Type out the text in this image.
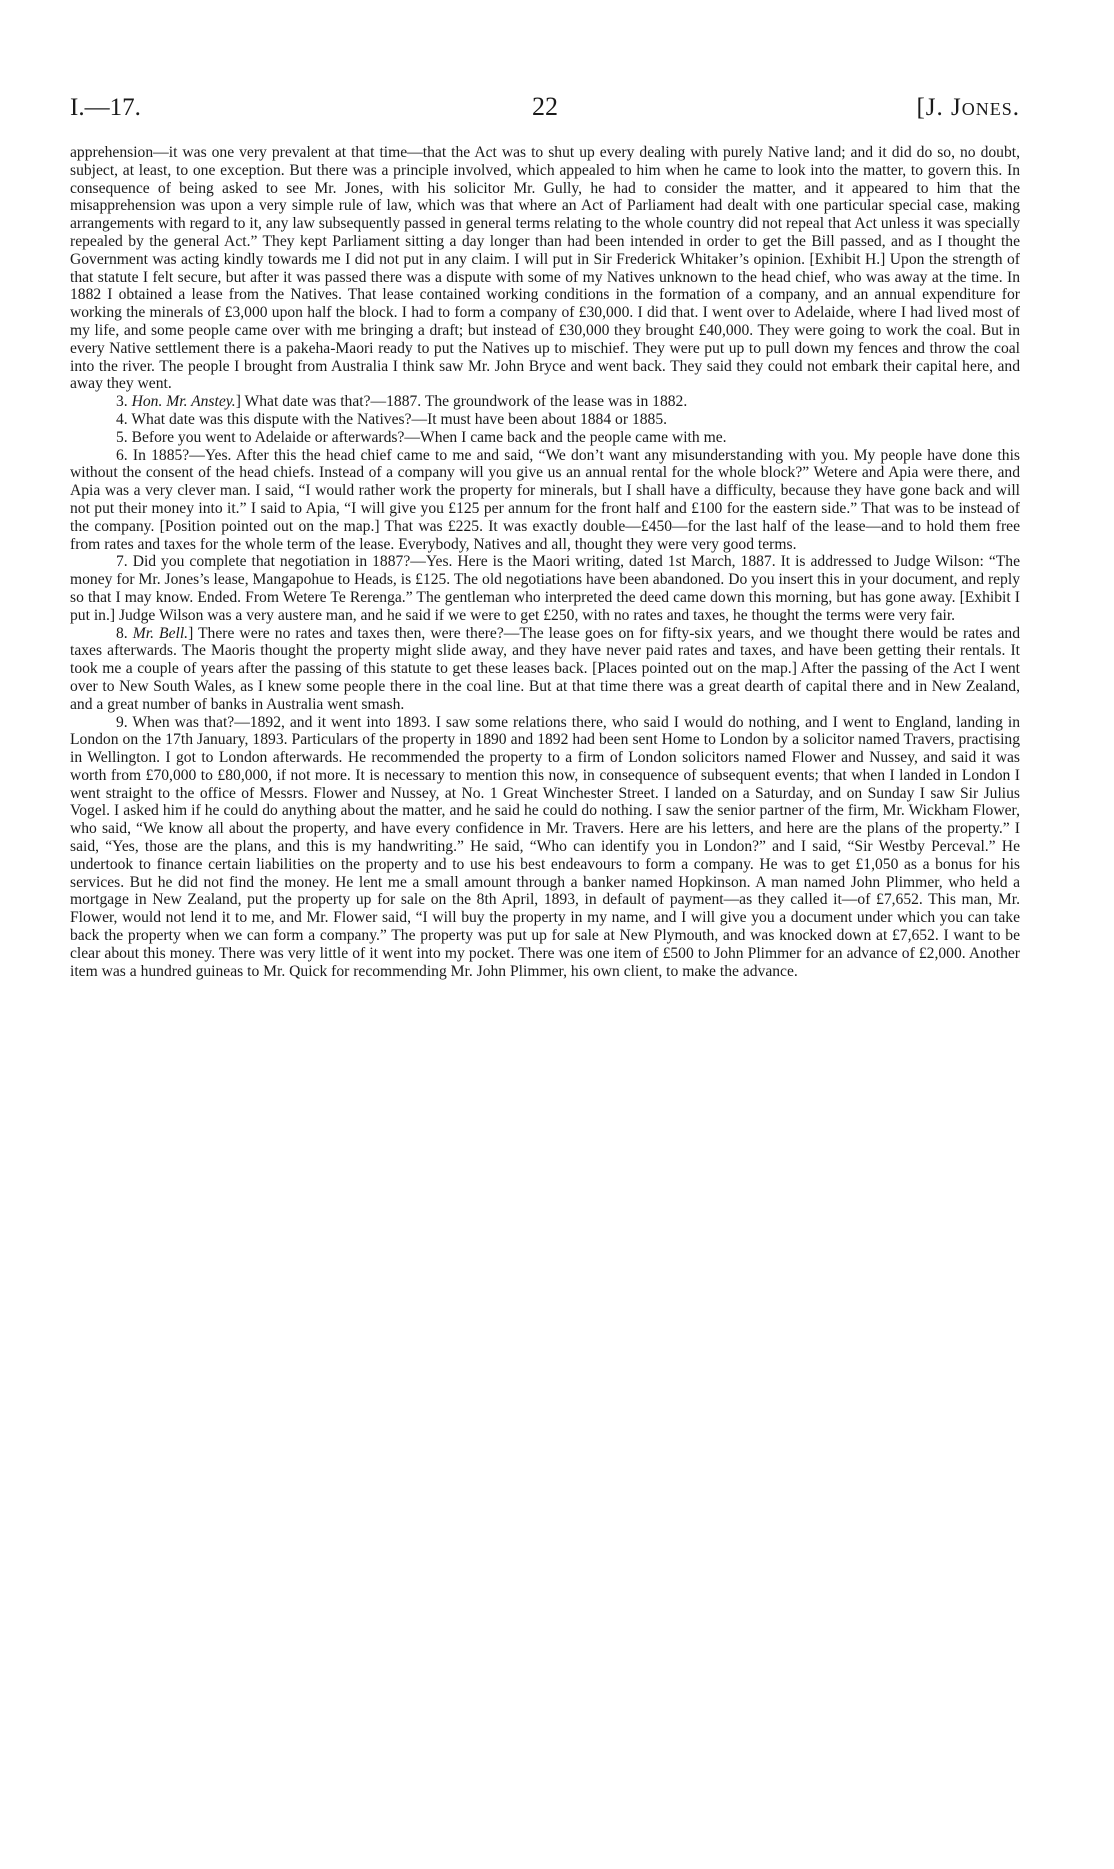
I.—17.	22	[J. Jones.

apprehension—it was one very prevalent at that time—that the Act was to shut up every dealing with purely Native land; and it did do so, no doubt, subject, at least, to one exception. But there was a principle involved, which appealed to him when he came to look into the matter, to govern this. In consequence of being asked to see Mr. Jones, with his solicitor Mr. Gully, he had to consider the matter, and it appeared to him that the misapprehension was upon a very simple rule of law, which was that where an Act of Parliament had dealt with one particular special case, making arrangements with regard to it, any law subsequently passed in general terms relating to the whole country did not repeal that Act unless it was specially repealed by the general Act.” They kept Parliament sitting a day longer than had been intended in order to get the Bill passed, and as I thought the Government was acting kindly towards me I did not put in any claim. I will put in Sir Frederick Whitaker’s opinion. [Exhibit H.] Upon the strength of that statute I felt secure, but after it was passed there was a dispute with some of my Natives unknown to the head chief, who was away at the time. In 1882 I obtained a lease from the Natives. That lease contained working conditions in the formation of a company, and an annual expenditure for working the minerals of £3,000 upon half the block. I had to form a company of £30,000. I did that. I went over to Adelaide, where I had lived most of my life, and some people came over with me bringing a draft; but instead of £30,000 they brought £40,000. They were going to work the coal. But in every Native settlement there is a pakeha-Maori ready to put the Natives up to mischief. They were put up to pull down my fences and throw the coal into the river. The people I brought from Australia I think saw Mr. John Bryce and went back. They said they could not embark their capital here, and away they went.

3. Hon. Mr. Anstey.] What date was that?—1887. The groundwork of the lease was in 1882.

4. What date was this dispute with the Natives?—It must have been about 1884 or 1885.

5. Before you went to Adelaide or afterwards?—When I came back and the people came with me.

6. In 1885?—Yes. After this the head chief came to me and said, “We don’t want any misunderstanding with you. My people have done this without the consent of the head chiefs. Instead of a company will you give us an annual rental for the whole block?” Wetere and Apia were there, and Apia was a very clever man. I said, “I would rather work the property for minerals, but I shall have a difficulty, because they have gone back and will not put their money into it.” I said to Apia, “I will give you £125 per annum for the front half and £100 for the eastern side.” That was to be instead of the company. [Position pointed out on the map.] That was £225. It was exactly double—£450—for the last half of the lease—and to hold them free from rates and taxes for the whole term of the lease. Everybody, Natives and all, thought they were very good terms.

7. Did you complete that negotiation in 1887?—Yes. Here is the Maori writing, dated 1st March, 1887. It is addressed to Judge Wilson: “The money for Mr. Jones’s lease, Mangapohue to Heads, is £125. The old negotiations have been abandoned. Do you insert this in your document, and reply so that I may know. Ended. From Wetere Te Rerenga.” The gentleman who interpreted the deed came down this morning, but has gone away. [Exhibit I put in.] Judge Wilson was a very austere man, and he said if we were to get £250, with no rates and taxes, he thought the terms were very fair.

8. Mr. Bell.] There were no rates and taxes then, were there?—The lease goes on for fifty-six years, and we thought there would be rates and taxes afterwards. The Maoris thought the property might slide away, and they have never paid rates and taxes, and have been getting their rentals. It took me a couple of years after the passing of this statute to get these leases back. [Places pointed out on the map.] After the passing of the Act I went over to New South Wales, as I knew some people there in the coal line. But at that time there was a great dearth of capital there and in New Zealand, and a great number of banks in Australia went smash.

9. When was that?—1892, and it went into 1893. I saw some relations there, who said I would do nothing, and I went to England, landing in London on the 17th January, 1893. Particulars of the property in 1890 and 1892 had been sent Home to London by a solicitor named Travers, practising in Wellington. I got to London afterwards. He recommended the property to a firm of London solicitors named Flower and Nussey, and said it was worth from £70,000 to £80,000, if not more. It is necessary to mention this now, in consequence of subsequent events; that when I landed in London I went straight to the office of Messrs. Flower and Nussey, at No. 1 Great Winchester Street. I landed on a Saturday, and on Sunday I saw Sir Julius Vogel. I asked him if he could do anything about the matter, and he said he could do nothing. I saw the senior partner of the firm, Mr. Wickham Flower, who said, “We know all about the property, and have every confidence in Mr. Travers. Here are his letters, and here are the plans of the property.” I said, “Yes, those are the plans, and this is my handwriting.” He said, “Who can identify you in London?” and I said, “Sir Westby Perceval.” He undertook to finance certain liabilities on the property and to use his best endeavours to form a company. He was to get £1,050 as a bonus for his services. But he did not find the money. He lent me a small amount through a banker named Hopkinson. A man named John Plimmer, who held a mortgage in New Zealand, put the property up for sale on the 8th April, 1893, in default of payment—as they called it—of £7,652. This man, Mr. Flower, would not lend it to me, and Mr. Flower said, “I will buy the property in my name, and I will give you a document under which you can take back the property when we can form a company.” The property was put up for sale at New Plymouth, and was knocked down at £7,652. I want to be clear about this money. There was very little of it went into my pocket. There was one item of £500 to John Plimmer for an advance of £2,000. Another item was a hundred guineas to Mr. Quick for recommending Mr. John Plimmer, his own client, to make the advance.
